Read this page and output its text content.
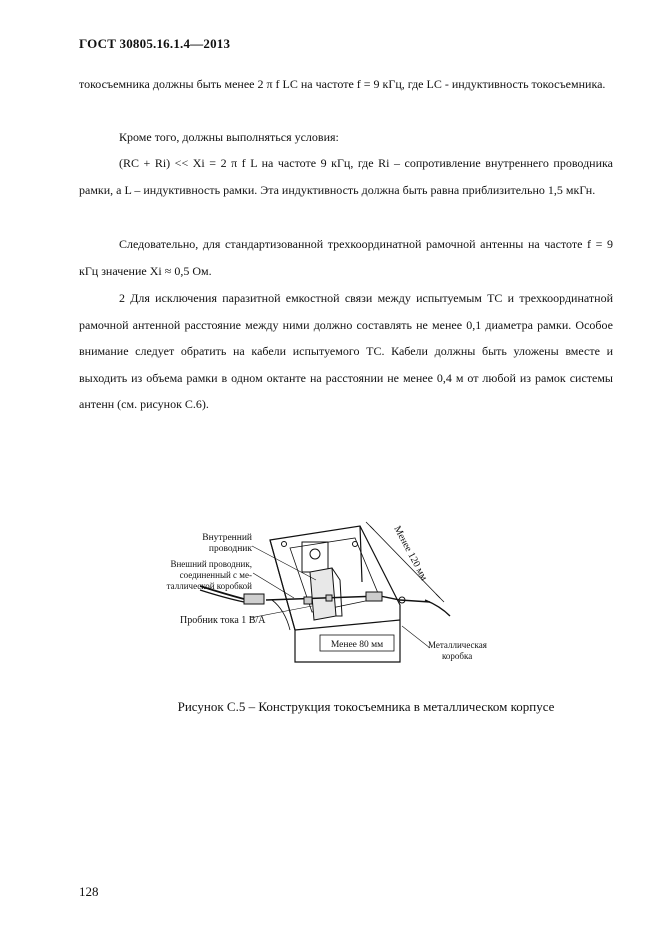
ГОСТ 30805.16.1.4—2013
токосъемника должны быть менее 2 π f LC на частоте f = 9 кГц, где LC - индуктивность токосъемника.
Кроме того, должны выполняться условия:
(RC + Ri) << Xi = 2 π f L на частоте 9 кГц, где Ri – сопротивление внутреннего проводника рамки, а L – индуктивность рамки. Эта индуктивность должна быть равна приблизительно 1,5 мкГн.
Следовательно, для стандартизованной трехкоординатной рамочной антенны на частоте f = 9 кГц значение Xi ≈ 0,5 Ом.
2 Для исключения паразитной емкостной связи между испытуемым ТС и трехкоординатной рамочной антенной расстояние между ними должно составлять не менее 0,1 диаметра рамки. Особое внимание следует обратить на кабели испытуемого ТС. Кабели должны быть уложены вместе и выходить из объема рамки в одном октанте на расстоянии не менее 0,4 м от любой из рамок системы антенн (см. рисунок С.6).
Внутренний
проводник
Внешний проводник,
соединенный с ме-
таллической коробкой
Пробник тока 1 В/А
Менее 80 мм
Менее 120 мм
Металлическая
коробка
Рисунок С.5 – Конструкция токосъемника в металлическом корпусе
128
